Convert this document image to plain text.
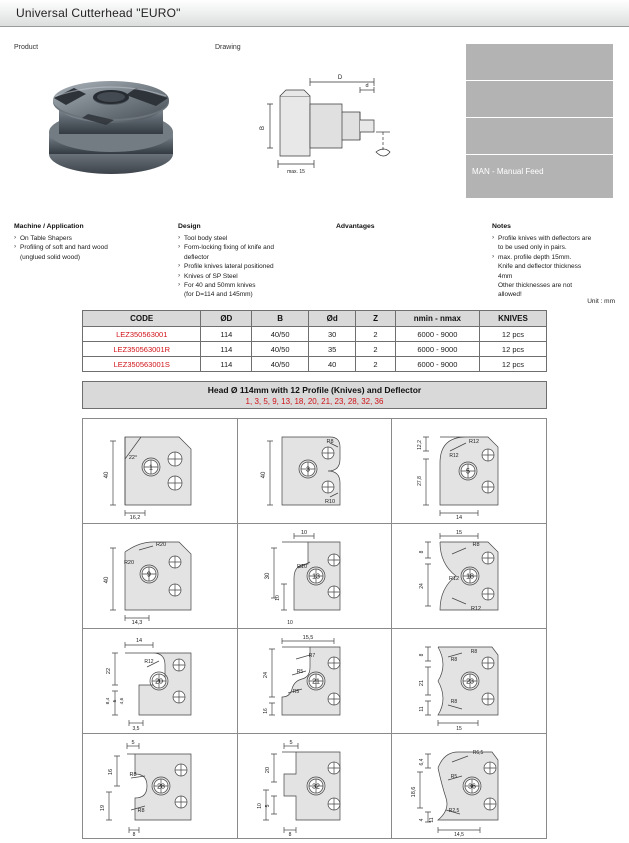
Universal Cutterhead "EURO"
Product	Drawing
D
d
B
max. 15	MAN - Manual Feed
Machine / Application
› On Table Shapers
› Profiling of soft and hard wood
(unglued solid wood)
Design
› Tool body steel
› Form-locking fixing of knife and
deflector
› Profile knives lateral positioned
› Knives of SP Steel
› For 40 and 50mm knives
(for D=114 and 145mm)
Advantages	Notes
› Profile knives with deflectors are
to be used only in pairs.
› max. profile depth 15mm.
Knife and deflector thickness
4mm
Other thicknesses are not
allowed!
Unit : mm
CODE	ØD	B	Ød	Z	nmin - nmax	KNIVES
LEZ350563001	114	40/50	30	2	6000 - 9000	12 pcs
LEZ350563001R	114	40/50	35	2	6000 - 9000	12 pcs
LEZ350563001S	114	40/50	40	2	6000 - 9000	12 pcs
Head Ø 114mm with 12 Profile (Knives) and Deflector
1, 3, 5, 9, 13, 18, 20, 21, 23, 28, 32, 36
40
22°
16,2
1

40
R8
R10
3

12,2	R12
R12
27,8
14
5

40
R20
R20
14,3
9

10
30
R10
10
10
13

15
8
R8
24
R12
R12
18

14
22
R12
8,4 5 4,6
3,5
20

15,5
24
R7
R5
R5
16
21

8	R8
R8
21
R8
11
15
23

5
16	R8
R8
19
8
28

5
20
10 5
8
32

R6,5
6,4
R5
18,6
R2,5
4 11
14,5
36
